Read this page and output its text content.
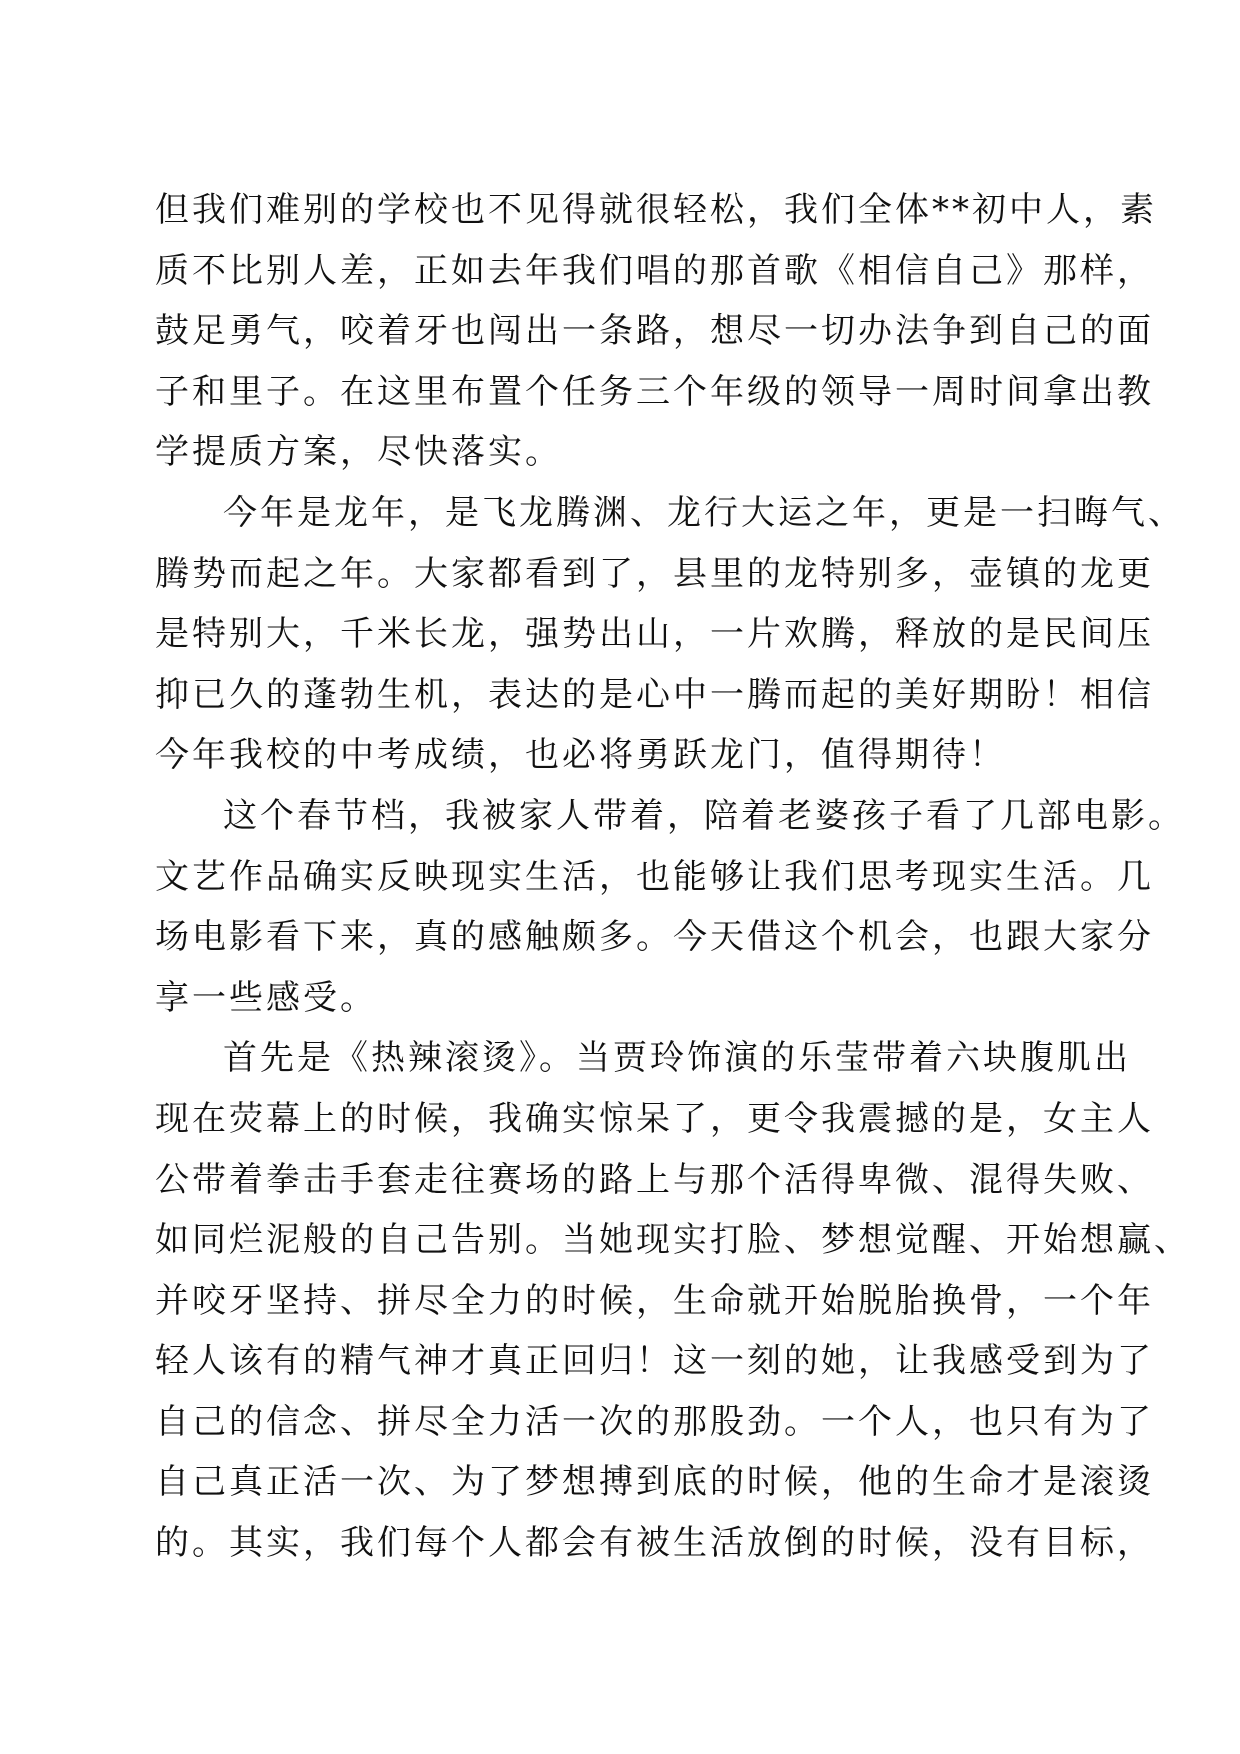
但我们难别的学校也不见得就很轻松，我们全体**初中人，素
质不比别人差，正如去年我们唱的那首歌《相信自己》那样，
鼓足勇气，咬着牙也闯出一条路，想尽一切办法争到自己的面
子和里子。在这里布置个任务三个年级的领导一周时间拿出教
学提质方案，尽快落实。
今年是龙年，是飞龙腾渊、龙行大运之年，更是一扫晦气、
腾势而起之年。大家都看到了，县里的龙特别多，壶镇的龙更
是特别大，千米长龙，强势出山，一片欢腾，释放的是民间压
抑已久的蓬勃生机，表达的是心中一腾而起的美好期盼！相信
今年我校的中考成绩，也必将勇跃龙门，值得期待！
这个春节档，我被家人带着，陪着老婆孩子看了几部电影。
文艺作品确实反映现实生活，也能够让我们思考现实生活。几
场电影看下来，真的感触颇多。今天借这个机会，也跟大家分
享一些感受。
首先是《热辣滚烫》。当贾玲饰演的乐莹带着六块腹肌出
现在荧幕上的时候，我确实惊呆了，更令我震撼的是，女主人
公带着拳击手套走往赛场的路上与那个活得卑微、混得失败、
如同烂泥般的自己告别。当她现实打脸、梦想觉醒、开始想赢、
并咬牙坚持、拼尽全力的时候，生命就开始脱胎换骨，一个年
轻人该有的精气神才真正回归！这一刻的她，让我感受到为了
自己的信念、拼尽全力活一次的那股劲。一个人，也只有为了
自己真正活一次、为了梦想搏到底的时候，他的生命才是滚烫
的。其实，我们每个人都会有被生活放倒的时候，没有目标，
